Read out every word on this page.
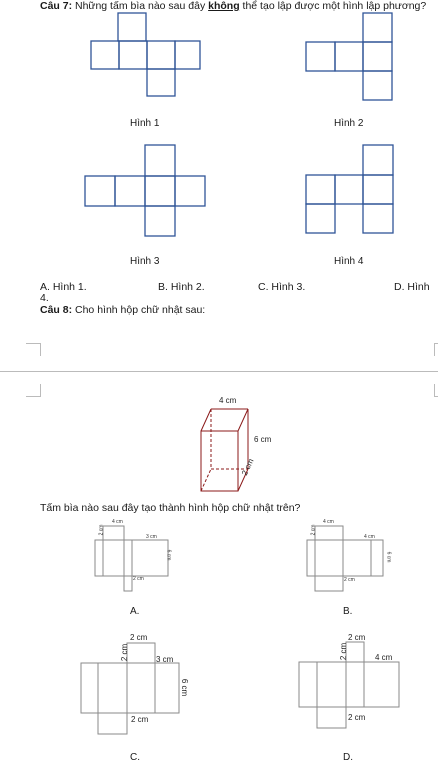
Câu 7: Những tấm bìa nào sau đây không thể tạo lập được một hình lập phương?
Hình 1	Hình 2
Hình 3	Hình 4
A. Hình 1.	B. Hình 2.	C. Hình 3.	D. Hình
4.
Câu 8: Cho hình hộp chữ nhật sau:
4 cm
6 cm
2 cm
Tấm bìa nào sau đây tạo thành hình hộp chữ nhật trên?
4 cm
2 cm
3 cm
6 cm
2 cm
A.
4 cm
2 cm
4 cm
6 cm
2 cm
B.
2 cm
2 cm	3 cm
6 cm
2 cm
C.
2 cm
2 cm	4 cm
2 cm
D.
